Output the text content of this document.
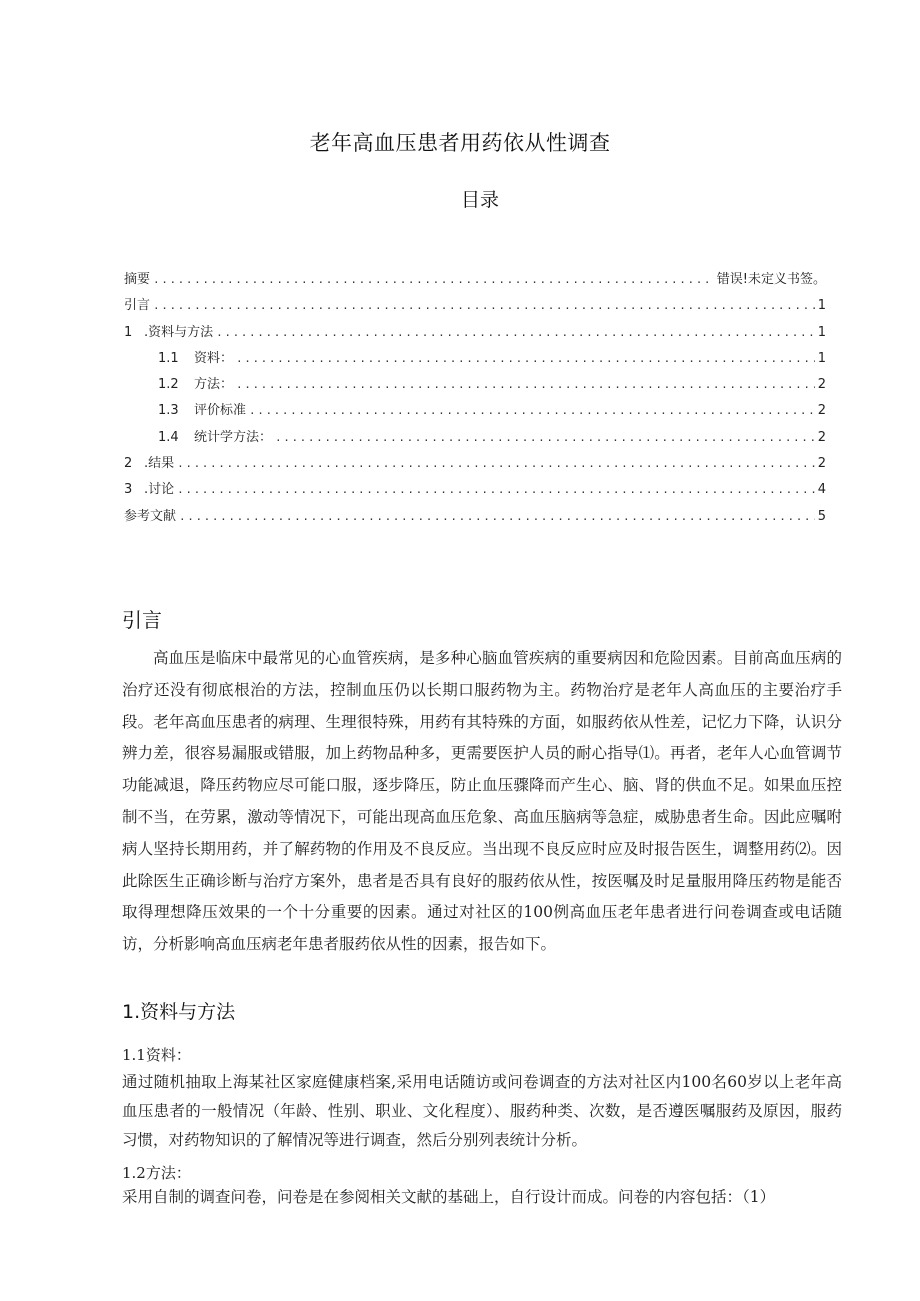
老年高血压患者用药依从性调查
目录
摘要 .....	错误!未定义书签。
引言 .....	1
1 .资料与方法 .....	1
1.1	资料： .....	1
1.2	方法： .....	2
1.3	评价标准 .....	2
1.4	统计学方法： .....	2
2 .结果 .....	2
3 .讨论 .....	4
参考文献 .....	5
引言

高血压是临床中最常见的心血管疾病，是多种心脑血管疾病的重要病因和危险因素。目前高血压病的治疗还没有彻底根治的方法，控制血压仍以长期口服药物为主。药物治疗是老年人高血压的主要治疗手段。老年高血压患者的病理、生理很特殊，用药有其特殊的方面，如服药依从性差，记忆力下降，认识分辨力差，很容易漏服或错服，加上药物品种多，更需要医护人员的耐心指导⑴。再者，老年人心血管调节功能减退，降压药物应尽可能口服，逐步降压，防止血压骤降而产生心、脑、肾的供血不足。如果血压控制不当，在劳累，激动等情况下，可能出现高血压危象、高血压脑病等急症，威胁患者生命。因此应嘱咐病人坚持长期用药，并了解药物的作用及不良反应。当出现不良反应时应及时报告医生，调整用药⑵。因此除医生正确诊断与治疗方案外，患者是否具有良好的服药依从性，按医嘱及时足量服用降压药物是能否取得理想降压效果的一个十分重要的因素。通过对社区的100例高血压老年患者进行问卷调查或电话随访，分析影响高血压病老年患者服药依从性的因素，报告如下。

1.资料与方法
1.1资料：

通过随机抽取上海某社区家庭健康档案,采用电话随访或问卷调查的方法对社区内100名60岁以上老年高血压患者的一般情况（年龄、性别、职业、文化程度）、服药种类、次数，是否遵医嘱服药及原因，服药习惯，对药物知识的了解情况等进行调查，然后分别列表统计分析。

1.2方法：

采用自制的调查问卷，问卷是在参阅相关文献的基础上，自行设计而成。问卷的内容包括：（1）
